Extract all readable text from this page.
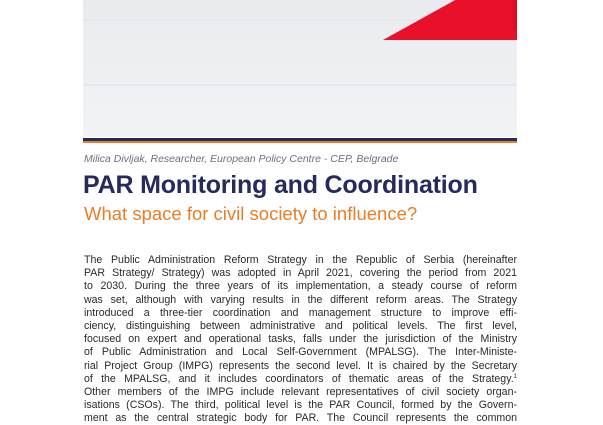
Milica Divljak, Researcher, European Policy Centre - CEP, Belgrade
PAR Monitoring and Coordination
What space for civil society to influence?
The Public Administration Reform Strategy in the Republic of Serbia (hereinafter
PAR Strategy/ Strategy) was adopted in April 2021, covering the period from 2021
to 2030. During the three years of its implementation, a steady course of reform
was set, although with varying results in the different reform areas. The Strategy
introduced a three-tier coordination and management structure to improve effi-
ciency, distinguishing between administrative and political levels. The first level,
focused on expert and operational tasks, falls under the jurisdiction of the Ministry
of Public Administration and Local Self-Government (MPALSG). The Inter-Ministe-
rial Project Group (IMPG) represents the second level. It is chaired by the Secretary
of the MPALSG, and it includes coordinators of thematic areas of the Strategy.$^1$
Other members of the IMPG include relevant representatives of civil society organ-
isations (CSOs). The third, political level is the PAR Council, formed by the Govern-
ment as the central strategic body for PAR. The Council represents the common
